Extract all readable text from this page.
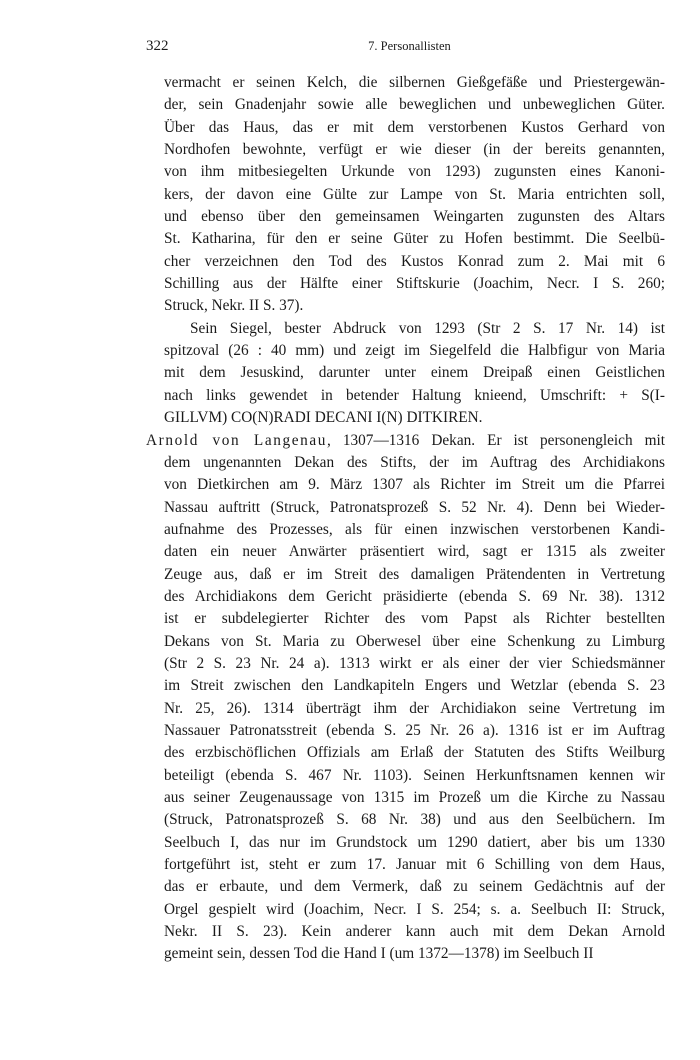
322	7. Personallisten
vermacht er seinen Kelch, die silbernen Gießgefäße und Priestergewän-
der, sein Gnadenjahr sowie alle beweglichen und unbeweglichen Güter.
Über das Haus, das er mit dem verstorbenen Kustos Gerhard von
Nordhofen bewohnte, verfügt er wie dieser (in der bereits genannten,
von ihm mitbesiegelten Urkunde von 1293) zugunsten eines Kanoni-
kers, der davon eine Gülte zur Lampe von St. Maria entrichten soll,
und ebenso über den gemeinsamen Weingarten zugunsten des Altars
St. Katharina, für den er seine Güter zu Hofen bestimmt. Die Seelbü-
cher verzeichnen den Tod des Kustos Konrad zum 2. Mai mit 6
Schilling aus der Hälfte einer Stiftskurie (Joachim, Necr. I S. 260;
Struck, Nekr. II S. 37).
Sein Siegel, bester Abdruck von 1293 (Str 2 S. 17 Nr. 14) ist
spitzoval (26 : 40 mm) und zeigt im Siegelfeld die Halbfigur von Maria
mit dem Jesuskind, darunter unter einem Dreipaß einen Geistlichen
nach links gewendet in betender Haltung knieend, Umschrift: + S(I-
GILLVM) CO(N)RADI DECANI I(N) DITKIREN.
Arnold von Langenau, 1307—1316 Dekan. Er ist personengleich mit
dem ungenannten Dekan des Stifts, der im Auftrag des Archidiakons
von Dietkirchen am 9. März 1307 als Richter im Streit um die Pfarrei
Nassau auftritt (Struck, Patronatsprozeß S. 52 Nr. 4). Denn bei Wieder-
aufnahme des Prozesses, als für einen inzwischen verstorbenen Kandi-
daten ein neuer Anwärter präsentiert wird, sagt er 1315 als zweiter
Zeuge aus, daß er im Streit des damaligen Prätendenten in Vertretung
des Archidiakons dem Gericht präsidierte (ebenda S. 69 Nr. 38). 1312
ist er subdelegierter Richter des vom Papst als Richter bestellten
Dekans von St. Maria zu Oberwesel über eine Schenkung zu Limburg
(Str 2 S. 23 Nr. 24 a). 1313 wirkt er als einer der vier Schiedsmänner
im Streit zwischen den Landkapiteln Engers und Wetzlar (ebenda S. 23
Nr. 25, 26). 1314 überträgt ihm der Archidiakon seine Vertretung im
Nassauer Patronatsstreit (ebenda S. 25 Nr. 26 a). 1316 ist er im Auftrag
des erzbischöflichen Offizials am Erlaß der Statuten des Stifts Weilburg
beteiligt (ebenda S. 467 Nr. 1103). Seinen Herkunftsnamen kennen wir
aus seiner Zeugenaussage von 1315 im Prozeß um die Kirche zu Nassau
(Struck, Patronatsprozeß S. 68 Nr. 38) und aus den Seelbüchern. Im
Seelbuch I, das nur im Grundstock um 1290 datiert, aber bis um 1330
fortgeführt ist, steht er zum 17. Januar mit 6 Schilling von dem Haus,
das er erbaute, und dem Vermerk, daß zu seinem Gedächtnis auf der
Orgel gespielt wird (Joachim, Necr. I S. 254; s. a. Seelbuch II: Struck,
Nekr. II S. 23). Kein anderer kann auch mit dem Dekan Arnold
gemeint sein, dessen Tod die Hand I (um 1372—1378) im Seelbuch II
